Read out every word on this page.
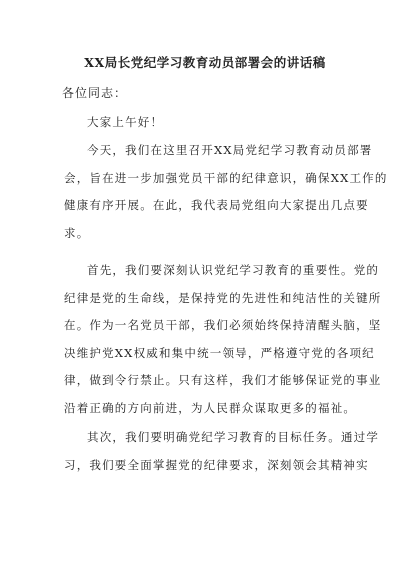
XX局长党纪学习教育动员部署会的讲话稿
各位同志：
大家上午好！
今天，我们在这里召开XX局党纪学习教育动员部署
会，旨在进一步加强党员干部的纪律意识，确保XX工作的
健康有序开展。在此，我代表局党组向大家提出几点要
求。
首先，我们要深刻认识党纪学习教育的重要性。党的
纪律是党的生命线，是保持党的先进性和纯洁性的关键所
在。作为一名党员干部，我们必须始终保持清醒头脑，坚
决维护党XX权威和集中统一领导，严格遵守党的各项纪
律，做到令行禁止。只有这样，我们才能够保证党的事业
沿着正确的方向前进，为人民群众谋取更多的福祉。
其次，我们要明确党纪学习教育的目标任务。通过学
习，我们要全面掌握党的纪律要求，深刻领会其精神实
